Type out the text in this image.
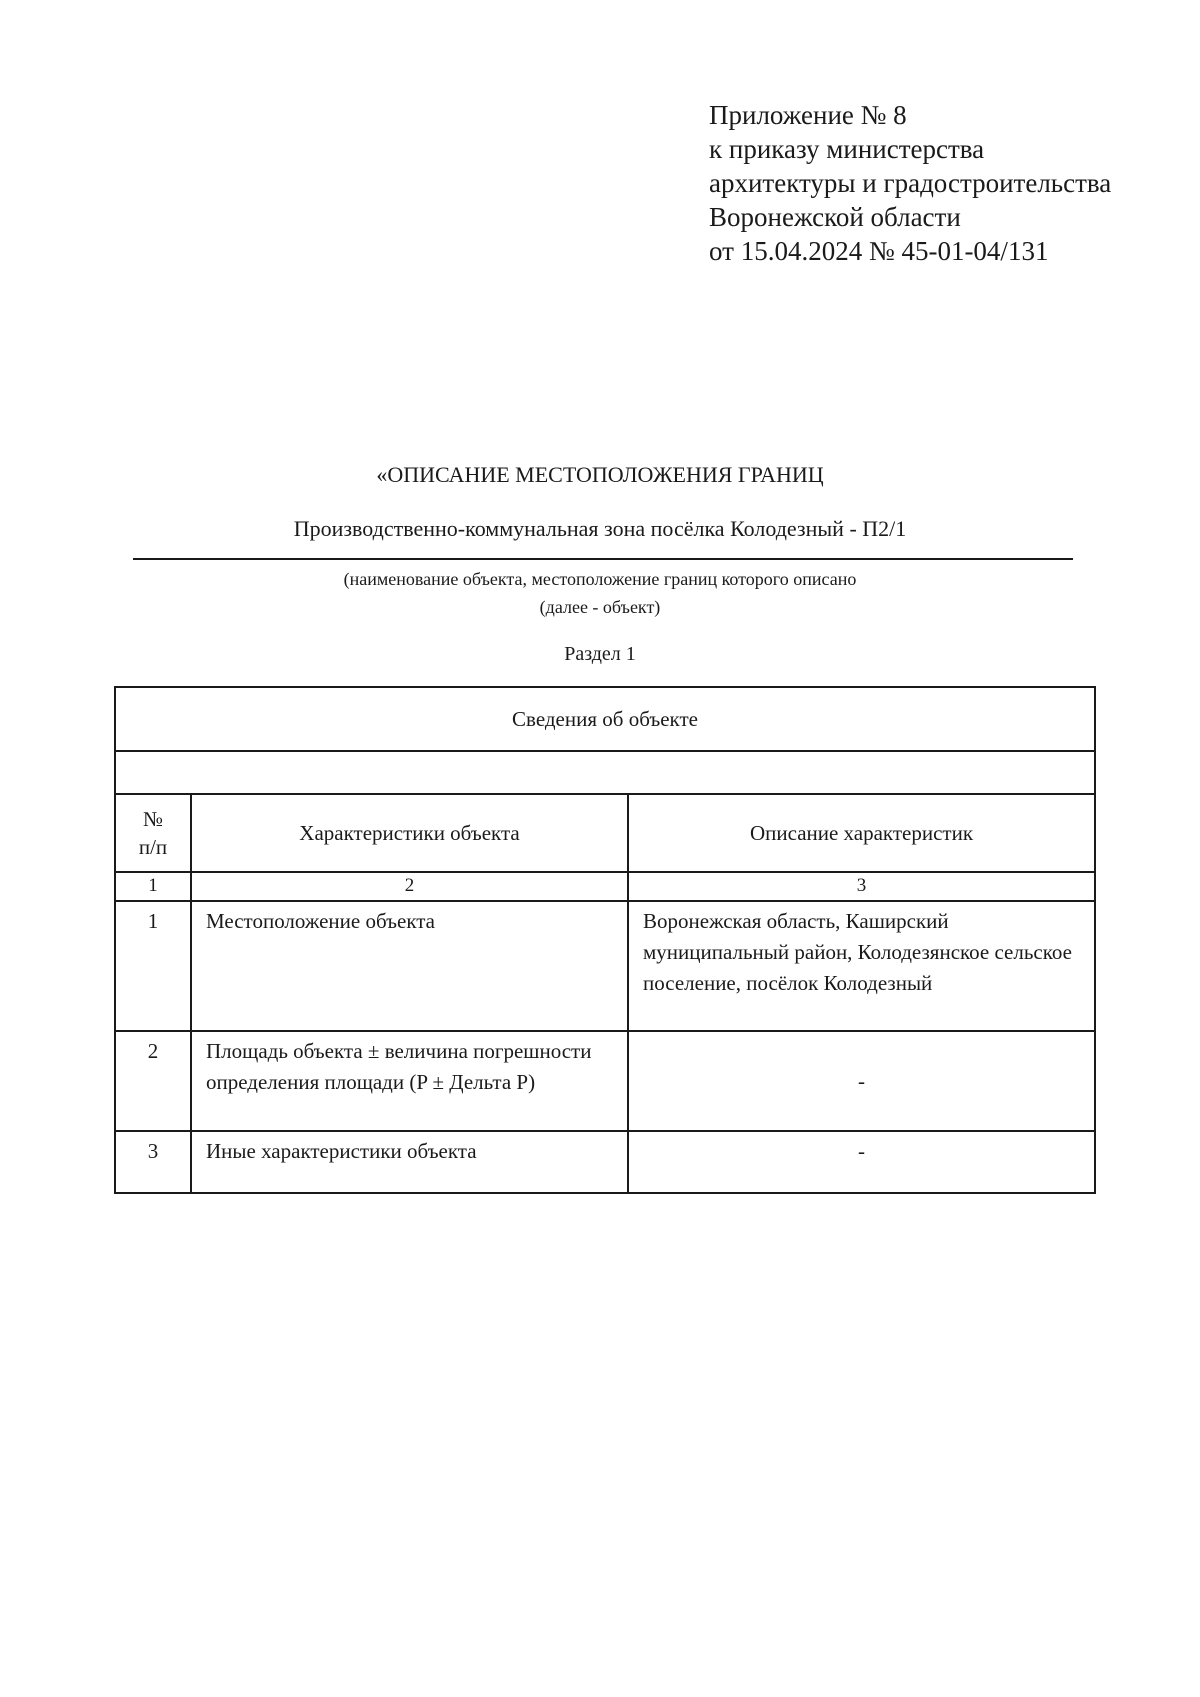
Приложение № 8
к приказу министерства
архитектуры и градостроительства
Воронежской области
от 15.04.2024 № 45-01-04/131
«ОПИСАНИЕ МЕСТОПОЛОЖЕНИЯ ГРАНИЦ
Производственно-коммунальная зона посёлка Колодезный - П2/1
(наименование объекта, местоположение границ которого описано
(далее - объект)
Раздел 1
Сведения об объекте		

№ п/п	Характеристики объекта	Описание характеристик
1	2	3
1	Местоположение объекта	Воронежская область, Каширский муниципальный район, Колодезянское сельское поселение, посёлок Колодезный
2	Площадь объекта ± величина погрешности определения площади (P ± Дельта P)	-
3	Иные характеристики объекта	-
